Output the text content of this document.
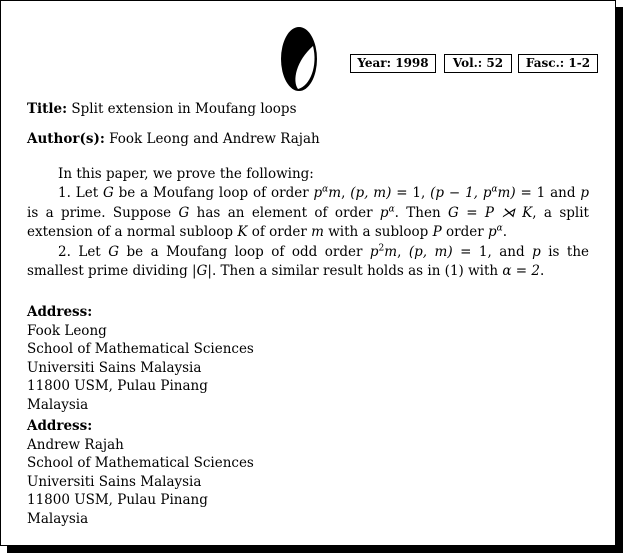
Year: 1998	Vol.: 52	Fasc.: 1-2
Title: Split extension in Moufang loops
Author(s): Fook Leong and Andrew Rajah

In this paper, we prove the following:

1. Let G be a Moufang loop of order $p^\alpha m$, (p, m) = 1, (p − 1, $p^\alpha m) = 1$ and p is a prime. Suppose G has an element of order $p^\alpha$. Then G = P ⋊ K, a split extension of a normal subloop K of order m with a subloop P order $p^\alpha$.

2. Let G be a Moufang loop of odd order $p^2m$, (p, m) = 1, and p is the smallest prime dividing |G|. Then a similar result holds as in (1) with α = 2.

Address:
Fook Leong
School of Mathematical Sciences
Universiti Sains Malaysia
11800 USM, Pulau Pinang
Malaysia
Address:
Andrew Rajah
School of Mathematical Sciences
Universiti Sains Malaysia
11800 USM, Pulau Pinang
Malaysia
